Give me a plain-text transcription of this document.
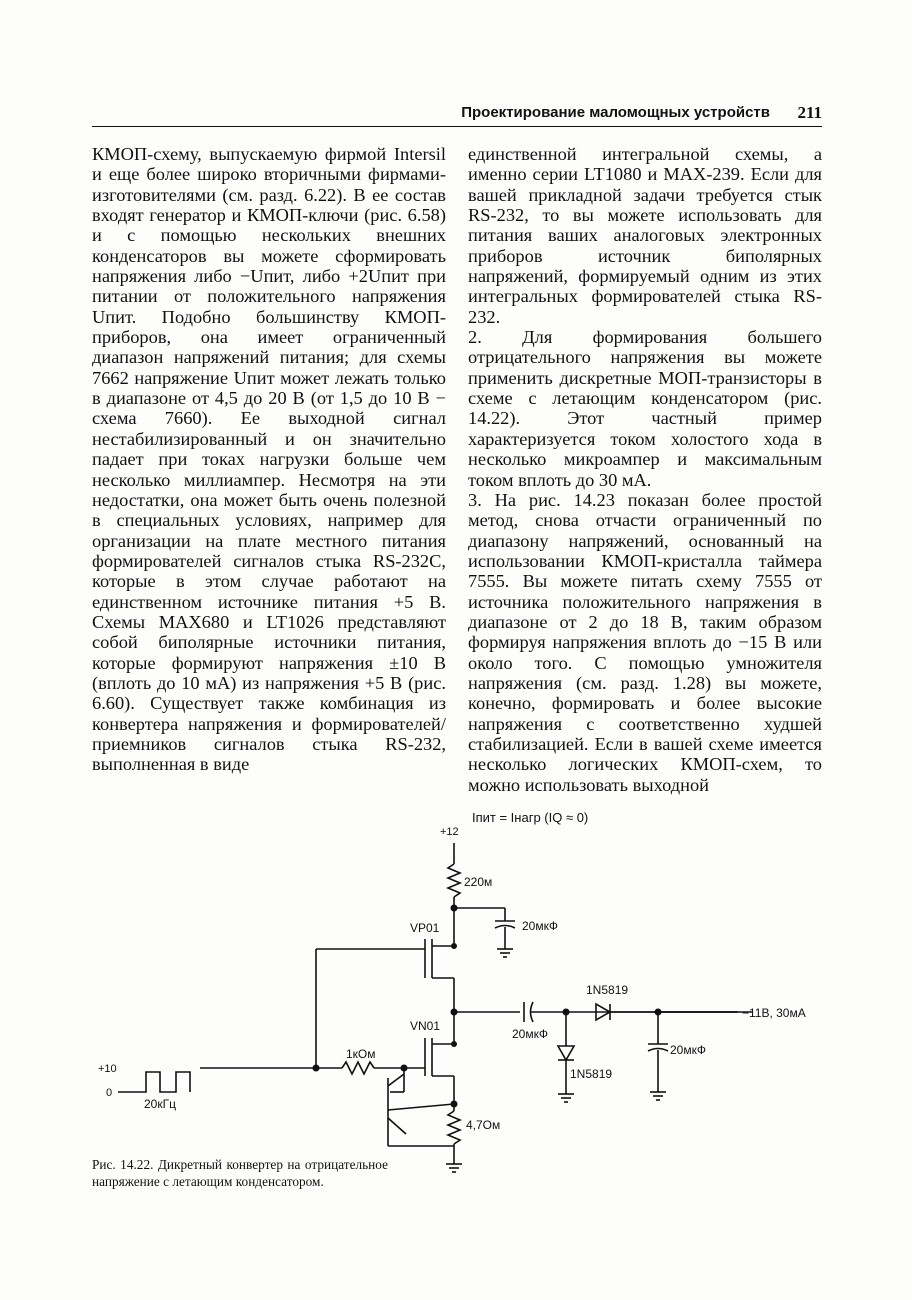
Проектирование маломощных устройств 211

КМОП-схему, выпускаемую фирмой Intersil и еще более широко вторичными фирмами-изготовителями (см. разд. 6.22). В ее состав входят генератор и КМОП-ключи (рис. 6.58) и с помощью нескольких внешних конденсаторов вы можете сформировать напряжения либо −Uпит, либо +2Uпит при питании от положительного напряжения Uпит. Подобно большинству КМОП-приборов, она имеет ограниченный диапазон напряжений питания; для схемы 7662 напряжение Uпит может лежать только в диапазоне от 4,5 до 20 В (от 1,5 до 10 В − схема 7660). Ее выходной сигнал нестабилизированный и он значительно падает при токах нагрузки больше чем несколько миллиампер. Несмотря на эти недостатки, она может быть очень полезной в специальных условиях, например для организации на плате местного питания формирователей сигналов стыка RS-232C, которые в этом случае работают на единственном источнике питания +5 В. Схемы MAX680 и LT1026 представляют собой биполярные источники питания, которые формируют напряжения ±10 В (вплоть до 10 мА) из напряжения +5 В (рис. 6.60). Существует также комбинация из конвертера напряжения и формирователей/приемников сигналов стыка RS-232, выполненная в виде

единственной интегральной схемы, а именно серии LT1080 и MAX-239. Если для вашей прикладной задачи требуется стык RS-232, то вы можете использовать для питания ваших аналоговых электронных приборов источник биполярных напряжений, формируемый одним из этих интегральных формирователей стыка RS-232.

2. Для формирования большего отрицательного напряжения вы можете применить дискретные МОП-транзисторы в схеме с летающим конденсатором (рис. 14.22). Этот частный пример характеризуется током холостого хода в несколько микроампер и максимальным током вплоть до 30 мА.

3. На рис. 14.23 показан более простой метод, снова отчасти ограниченный по диапазону напряжений, основанный на использовании КМОП-кристалла таймера 7555. Вы можете питать схему 7555 от источника положительного напряжения в диапазоне от 2 до 18 В, таким образом формируя напряжения вплоть до −15 В или около того. С помощью умножителя напряжения (см. разд. 1.28) вы можете, конечно, формировать и более высокие напряжения с соответственно худшей стабилизацией. Если в вашей схеме имеется несколько логических КМОП-схем, то можно использовать выходной

Iпит = Iнагр (IQ ≈ 0)
+12
220м
20мкФ
VP01
VN01
1кОм
4,7Ом
20мкФ
1N5819
1N5819
20мкФ
−11В, 30мА
+10
0
20кГц
Рис. 14.22. Дикретный конвертер на отрицательное напряжение с летающим конденсатором.
